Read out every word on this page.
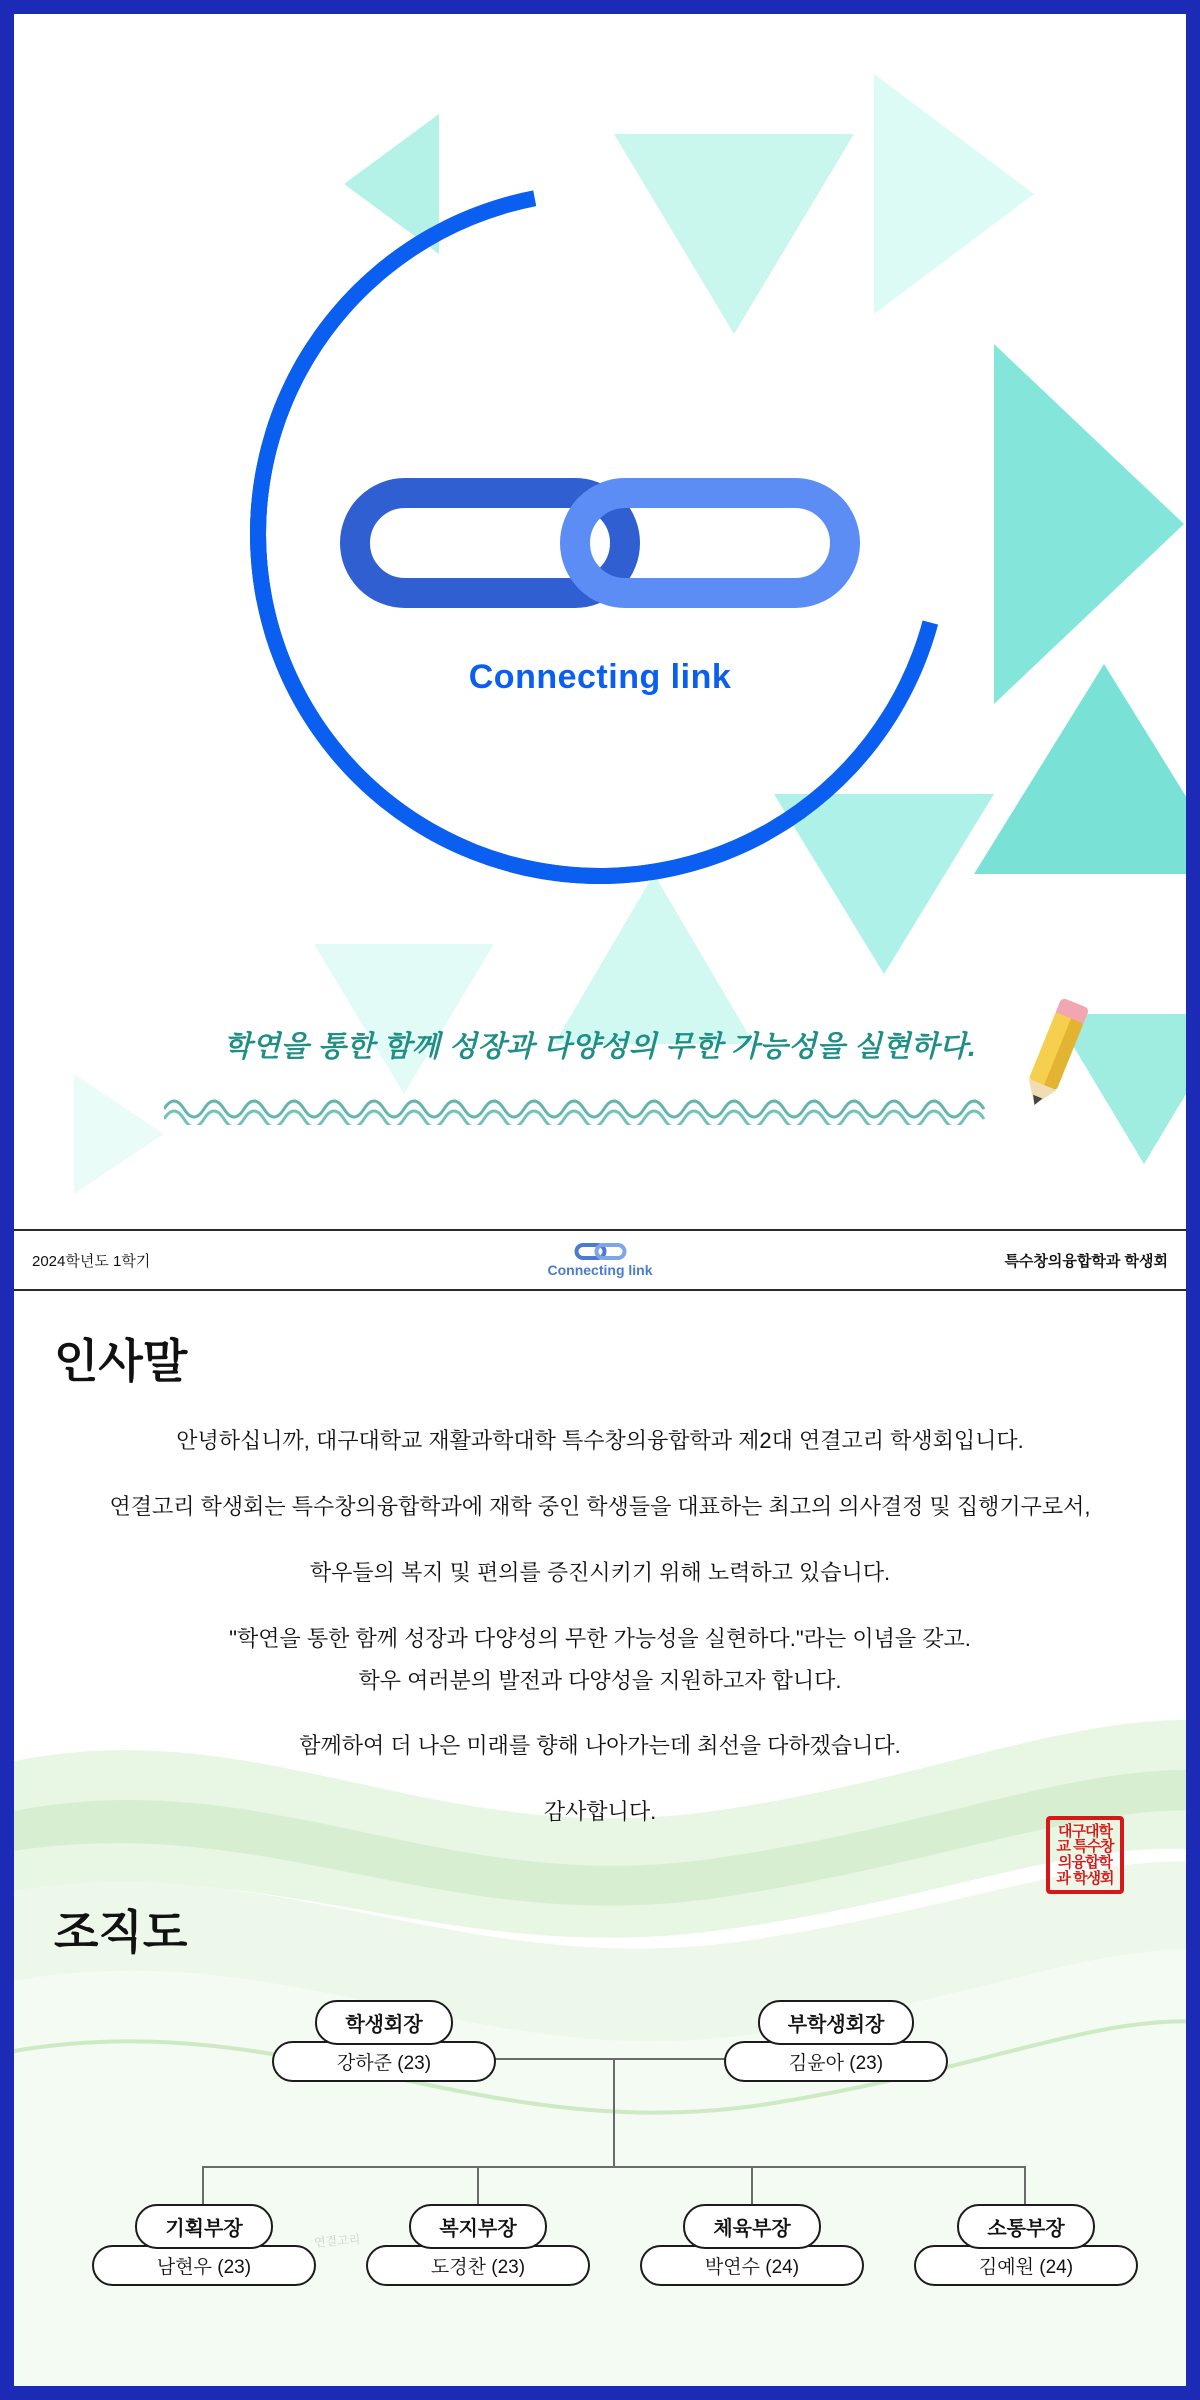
Connecting link
학연을 통한 함께 성장과 다양성의 무한 가능성을 실현하다.
2024학년도 1학기
Connecting link
특수창의융합학과 학생회
인사말

안녕하십니까, 대구대학교 재활과학대학 특수창의융합학과 제2대 연결고리 학생회입니다.

연결고리 학생회는 특수창의융합학과에 재학 중인 학생들을 대표하는 최고의 의사결정 및 집행기구로서,

학우들의 복지 및 편의를 증진시키기 위해 노력하고 있습니다.

"학연을 통한 함께 성장과 다양성의 무한 가능성을 실현하다."라는 이념을 갖고.

학우 여러분의 발전과 다양성을 지원하고자 합니다.

함께하여 더 나은 미래를 향해 나아가는데 최선을 다하겠습니다.

감사합니다.

대구대학교 특수창의융합학과 학생회
조직도
학생회장
강하준 (23)
부학생회장
김윤아 (23)
기획부장
남현우 (23)
복지부장
도경찬 (23)
체육부장
박연수 (24)
소통부장
김예원 (24)
연결고리
